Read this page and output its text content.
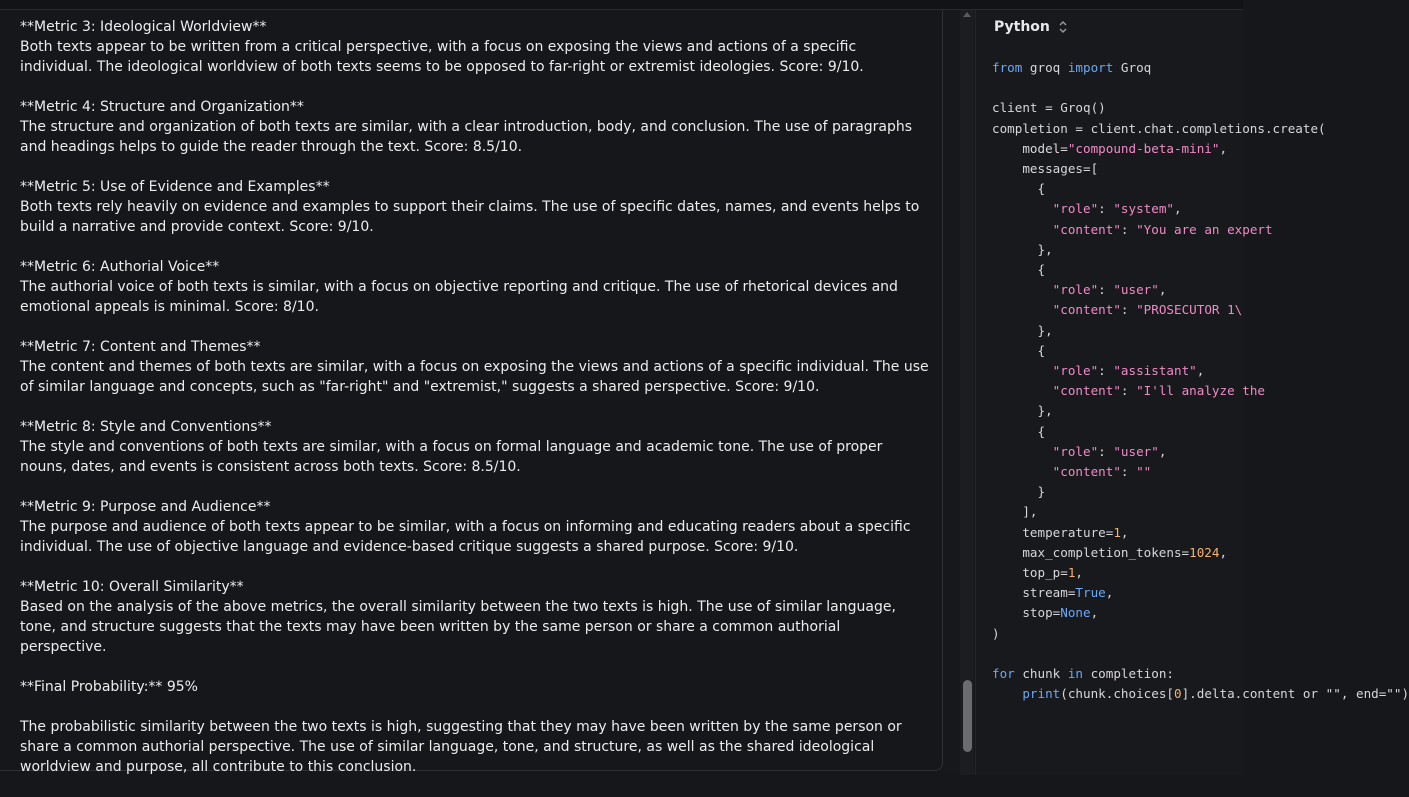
**Metric 3: Ideological Worldview**
Both texts appear to be written from a critical perspective, with a focus on exposing the views and actions of a specific individual. The ideological worldview of both texts seems to be opposed to far-right or extremist ideologies. Score: 9/10.
**Metric 4: Structure and Organization**
The structure and organization of both texts are similar, with a clear introduction, body, and conclusion. The use of paragraphs and headings helps to guide the reader through the text. Score: 8.5/10.
**Metric 5: Use of Evidence and Examples**
Both texts rely heavily on evidence and examples to support their claims. The use of specific dates, names, and events helps to build a narrative and provide context. Score: 9/10.
**Metric 6: Authorial Voice**
The authorial voice of both texts is similar, with a focus on objective reporting and critique. The use of rhetorical devices and emotional appeals is minimal. Score: 8/10.
**Metric 7: Content and Themes**
The content and themes of both texts are similar, with a focus on exposing the views and actions of a specific individual. The use of similar language and concepts, such as "far-right" and "extremist," suggests a shared perspective. Score: 9/10.
**Metric 8: Style and Conventions**
The style and conventions of both texts are similar, with a focus on formal language and academic tone. The use of proper nouns, dates, and events is consistent across both texts. Score: 8.5/10.
**Metric 9: Purpose and Audience**
The purpose and audience of both texts appear to be similar, with a focus on informing and educating readers about a specific individual. The use of objective language and evidence-based critique suggests a shared purpose. Score: 9/10.
**Metric 10: Overall Similarity**
Based on the analysis of the above metrics, the overall similarity between the two texts is high. The use of similar language, tone, and structure suggests that the texts may have been written by the same person or share a common authorial perspective.
**Final Probability:** 95%
The probabilistic similarity between the two texts is high, suggesting that they may have been written by the same person or share a common authorial perspective. The use of similar language, tone, and structure, as well as the shared ideological worldview and purpose, all contribute to this conclusion.
Python
from groq import Groq

client = Groq()
completion = client.chat.completions.create(
model="compound-beta-mini",
messages=[
{
"role": "system",
"content": "You are an expert
},
{
"role": "user",
"content": "PROSECUTOR 1\
},
{
"role": "assistant",
"content": "I'll analyze the
},
{
"role": "user",
"content": ""
}
],
temperature=1,
max_completion_tokens=1024,
top_p=1,
stream=True,
stop=None,
)

for chunk in completion:
print(chunk.choices[0].delta.content or "", end="")
